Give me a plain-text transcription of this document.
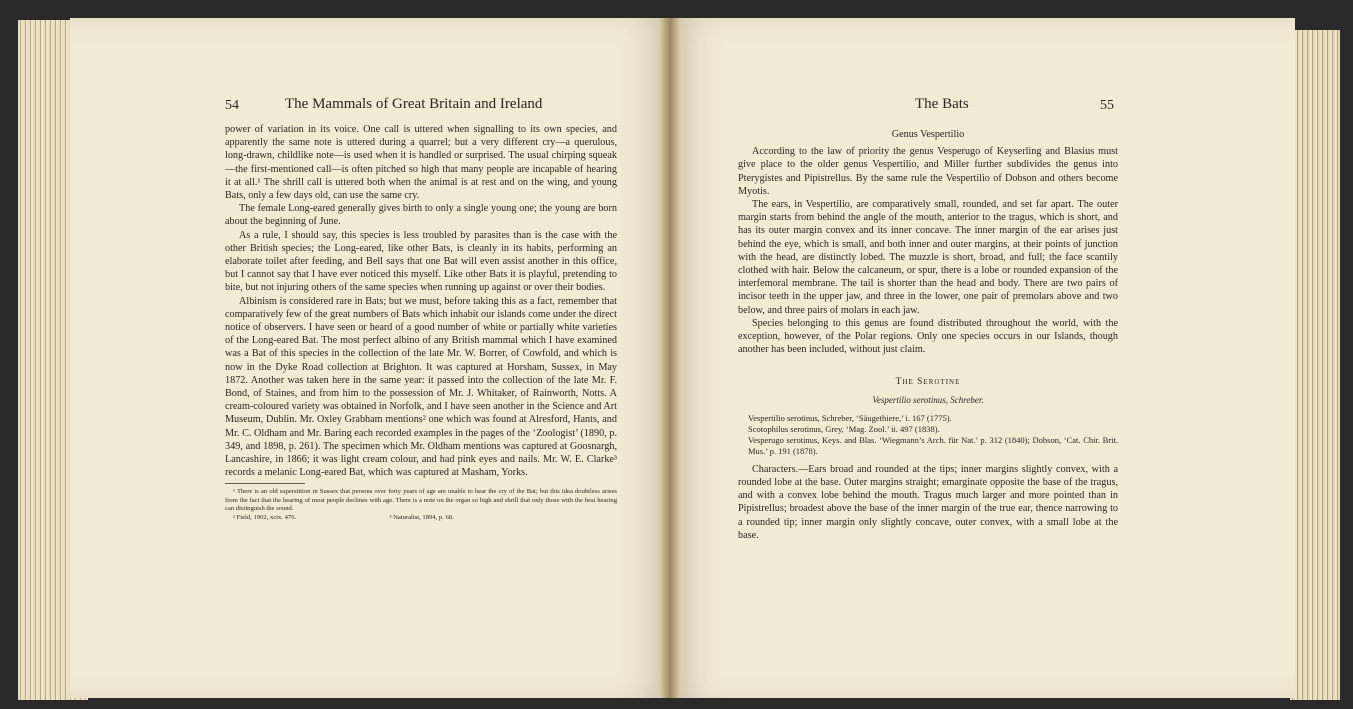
54	The Mammals of Great Britain and Ireland

power of variation in its voice. One call is uttered when signalling to its own species, and apparently the same note is uttered during a quarrel; but a very different cry—a querulous, long-drawn, childlike note—is used when it is handled or surprised. The usual chirping squeak—the first-mentioned call—is often pitched so high that many people are incapable of hearing it at all.¹ The shrill call is uttered both when the animal is at rest and on the wing, and young Bats, only a few days old, can use the same cry.

The female Long-eared generally gives birth to only a single young one; the young are born about the beginning of June.

As a rule, I should say, this species is less troubled by parasites than is the case with the other British species; the Long-eared, like other Bats, is cleanly in its habits, performing an elaborate toilet after feeding, and Bell says that one Bat will even assist another in this office, but I cannot say that I have ever noticed this myself. Like other Bats it is playful, pretending to bite, but not injuring others of the same species when running up against or over their bodies.

Albinism is considered rare in Bats; but we must, before taking this as a fact, remember that comparatively few of the great numbers of Bats which inhabit our islands come under the direct notice of observers. I have seen or heard of a good number of white or partially white varieties of the Long-eared Bat. The most perfect albino of any British mammal which I have examined was a Bat of this species in the collection of the late Mr. W. Borrer, of Cowfold, and which is now in the Dyke Road collection at Brighton. It was captured at Horsham, Sussex, in May 1872. Another was taken here in the same year: it passed into the collection of the late Mr. F. Bond, of Staines, and from him to the possession of Mr. J. Whitaker, of Rainworth, Notts. A cream-coloured variety was obtained in Norfolk, and I have seen another in the Science and Art Museum, Dublin. Mr. Oxley Grabham mentions² one which was found at Alresford, Hants, and Mr. C. Oldham and Mr. Baring each recorded examples in the pages of the ‘Zoologist’ (1890, p. 349, and 1898, p. 261). The specimen which Mr. Oldham mentions was captured at Goosnargh, Lancashire, in 1866; it was light cream colour, and had pink eyes and nails. Mr. W. E. Clarke³ records a melanic Long-eared Bat, which was captured at Masham, Yorks.

¹ There is an old superstition in Sussex that persons over forty years of age are unable to hear the cry of the Bat; but this idea doubtless arises from the fact that the hearing of most people declines with age. There is a note on the organ so high and shrill that only those with the best hearing can distinguish the sound.

² Field, 1902, xcix. 476.	³ Naturalist, 1894, p. 68.

The Bats	55
Genus Vespertilio

According to the law of priority the genus Vesperugo of Keyserling and Blasius must give place to the older genus Vespertilio, and Miller further subdivides the genus into Pterygistes and Pipistrellus. By the same rule the Vespertilio of Dobson and others become Myotis.

The ears, in Vespertilio, are comparatively small, rounded, and set far apart. The outer margin starts from behind the angle of the mouth, anterior to the tragus, which is short, and has its outer margin convex and its inner concave. The inner margin of the ear arises just behind the eye, which is small, and both inner and outer margins, at their points of junction with the head, are distinctly lobed. The muzzle is short, broad, and full; the face scantily clothed with hair. Below the calcaneum, or spur, there is a lobe or rounded expansion of the interfemoral membrane. The tail is shorter than the head and body. There are two pairs of incisor teeth in the upper jaw, and three in the lower, one pair of premolars above and two below, and three pairs of molars in each jaw.

Species belonging to this genus are found distributed throughout the world, with the exception, however, of the Polar regions. Only one species occurs in our Islands, though another has been included, without just claim.

The Serotine
Vespertilio serotinus, Schreber.

Vespertilio serotinus, Schreber, ‘Säugethiere,’ i. 167 (1775).

Scotophilus serotinus, Grey, ‘Mag. Zool.’ ii. 497 (1838).

Vesperugo serotinus, Keys. and Blas. ‘Wiegmann’s Arch. für Nat.’ p. 312 (1840); Dobson, ‘Cat. Chir. Brit. Mus.’ p. 191 (1878).

Characters.—Ears broad and rounded at the tips; inner margins slightly convex, with a rounded lobe at the base. Outer margins straight; emarginate opposite the base of the tragus, and with a convex lobe behind the mouth. Tragus much larger and more pointed than in Pipistrellus; broadest above the base of the inner margin of the true ear, thence narrowing to a rounded tip; inner margin only slightly concave, outer convex, with a small lobe at the base.
